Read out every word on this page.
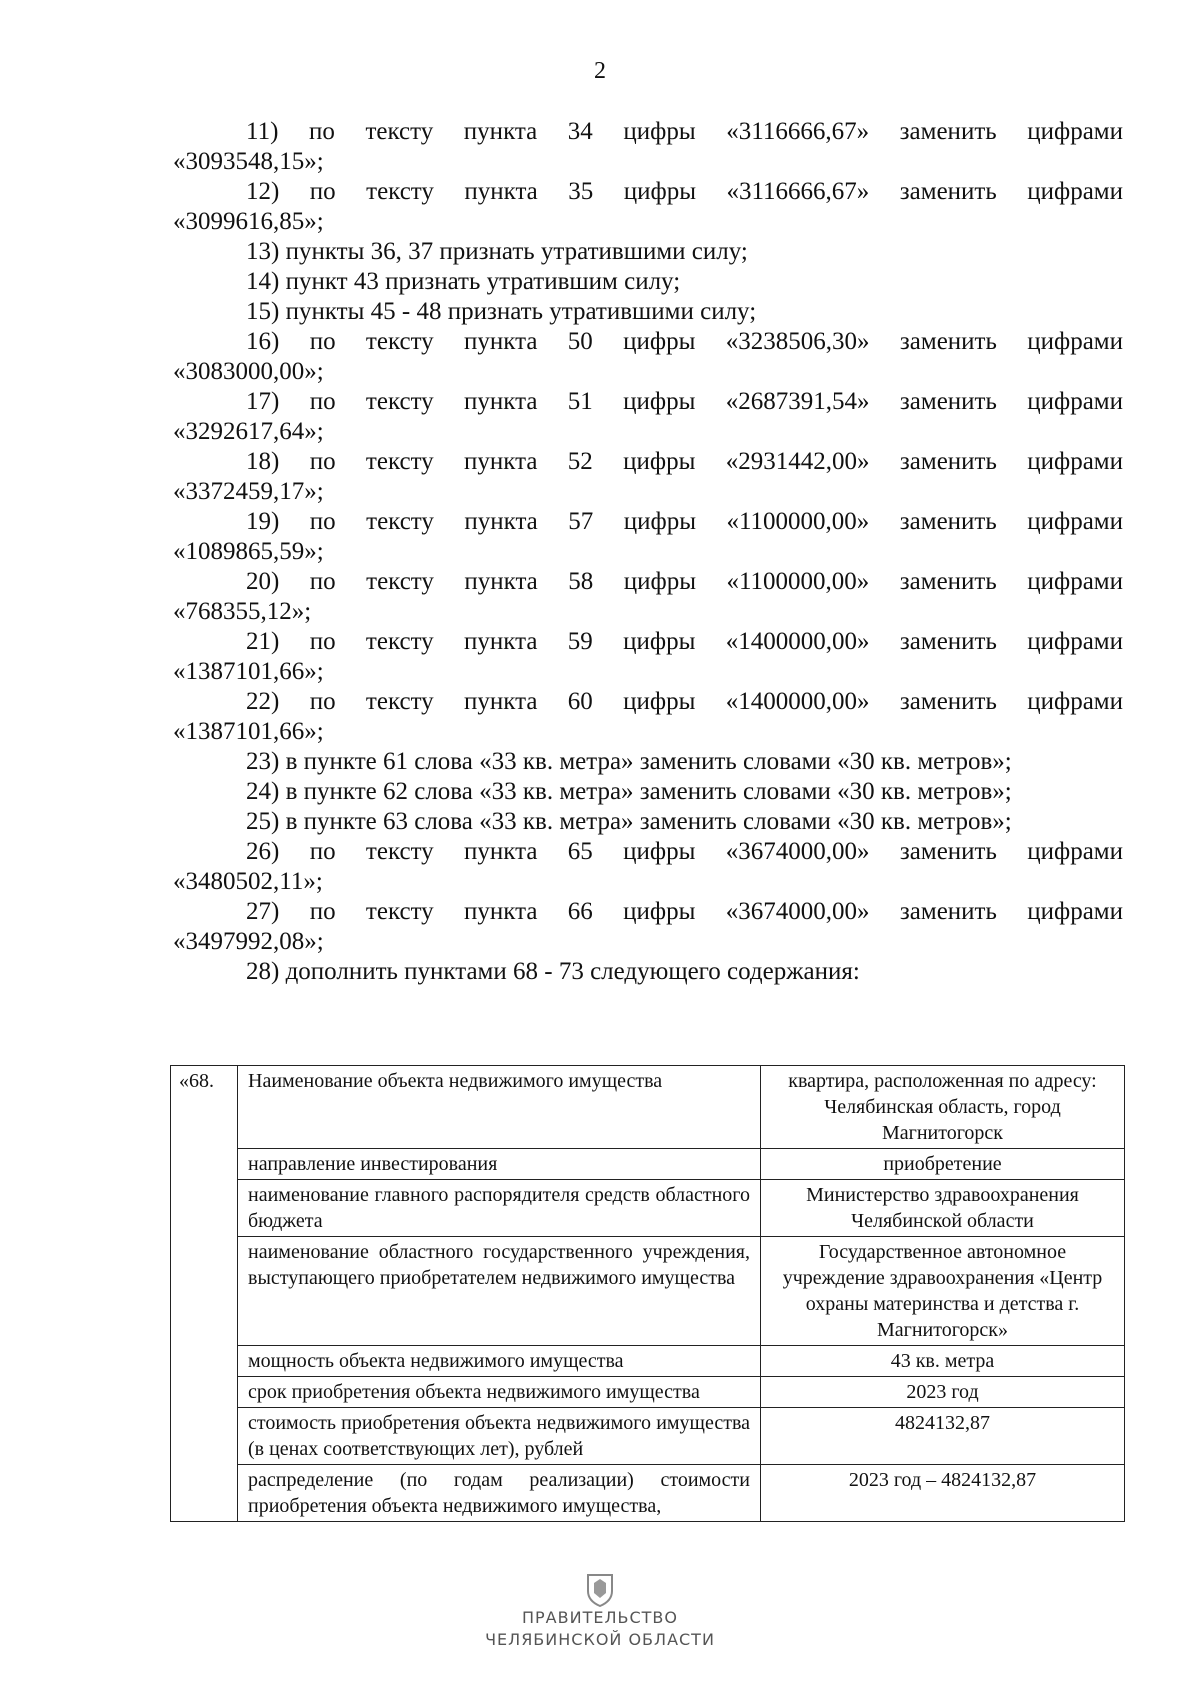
2
11) по тексту пункта 34 цифры «3116666,67» заменить цифрами
«3093548,15»;
12) по тексту пункта 35 цифры «3116666,67» заменить цифрами
«3099616,85»;
13) пункты 36, 37 признать утратившими силу;
14) пункт 43 признать утратившим силу;
15) пункты 45 - 48 признать утратившими силу;
16) по тексту пункта 50 цифры «3238506,30» заменить цифрами
«3083000,00»;
17) по тексту пункта 51 цифры «2687391,54» заменить цифрами
«3292617,64»;
18) по тексту пункта 52 цифры «2931442,00» заменить цифрами
«3372459,17»;
19) по тексту пункта 57 цифры «1100000,00» заменить цифрами
«1089865,59»;
20) по тексту пункта 58 цифры «1100000,00» заменить цифрами
«768355,12»;
21) по тексту пункта 59 цифры «1400000,00» заменить цифрами
«1387101,66»;
22) по тексту пункта 60 цифры «1400000,00» заменить цифрами
«1387101,66»;
23) в пункте 61 слова «33 кв. метра» заменить словами «30 кв. метров»;
24) в пункте 62 слова «33 кв. метра» заменить словами «30 кв. метров»;
25) в пункте 63 слова «33 кв. метра» заменить словами «30 кв. метров»;
26) по тексту пункта 65 цифры «3674000,00» заменить цифрами
«3480502,11»;
27) по тексту пункта 66 цифры «3674000,00» заменить цифрами
«3497992,08»;
28) дополнить пунктами 68 - 73 следующего содержания:
«68.	Наименование объекта недвижимого имущества	квартира, расположенная по адресу: Челябинская область, город Магнитогорск
	направление инвестирования	приобретение
	наименование главного распорядителя средств областного бюджета	Министерство здравоохранения Челябинской области
	наименование областного государственного учреждения, выступающего приобретателем недвижимого имущества	Государственное автономное учреждение здравоохранения «Центр охраны материнства и детства г. Магнитогорск»
	мощность объекта недвижимого имущества	43 кв. метра
	срок приобретения объекта недвижимого имущества	2023 год
	стоимость приобретения объекта недвижимого имущества (в ценах соответствующих лет), рублей	4824132,87
	распределение (по годам реализации) стоимости приобретения объекта недвижимого имущества,	2023 год – 4824132,87
ПРАВИТЕЛЬСТВО
ЧЕЛЯБИНСКОЙ ОБЛАСТИ
